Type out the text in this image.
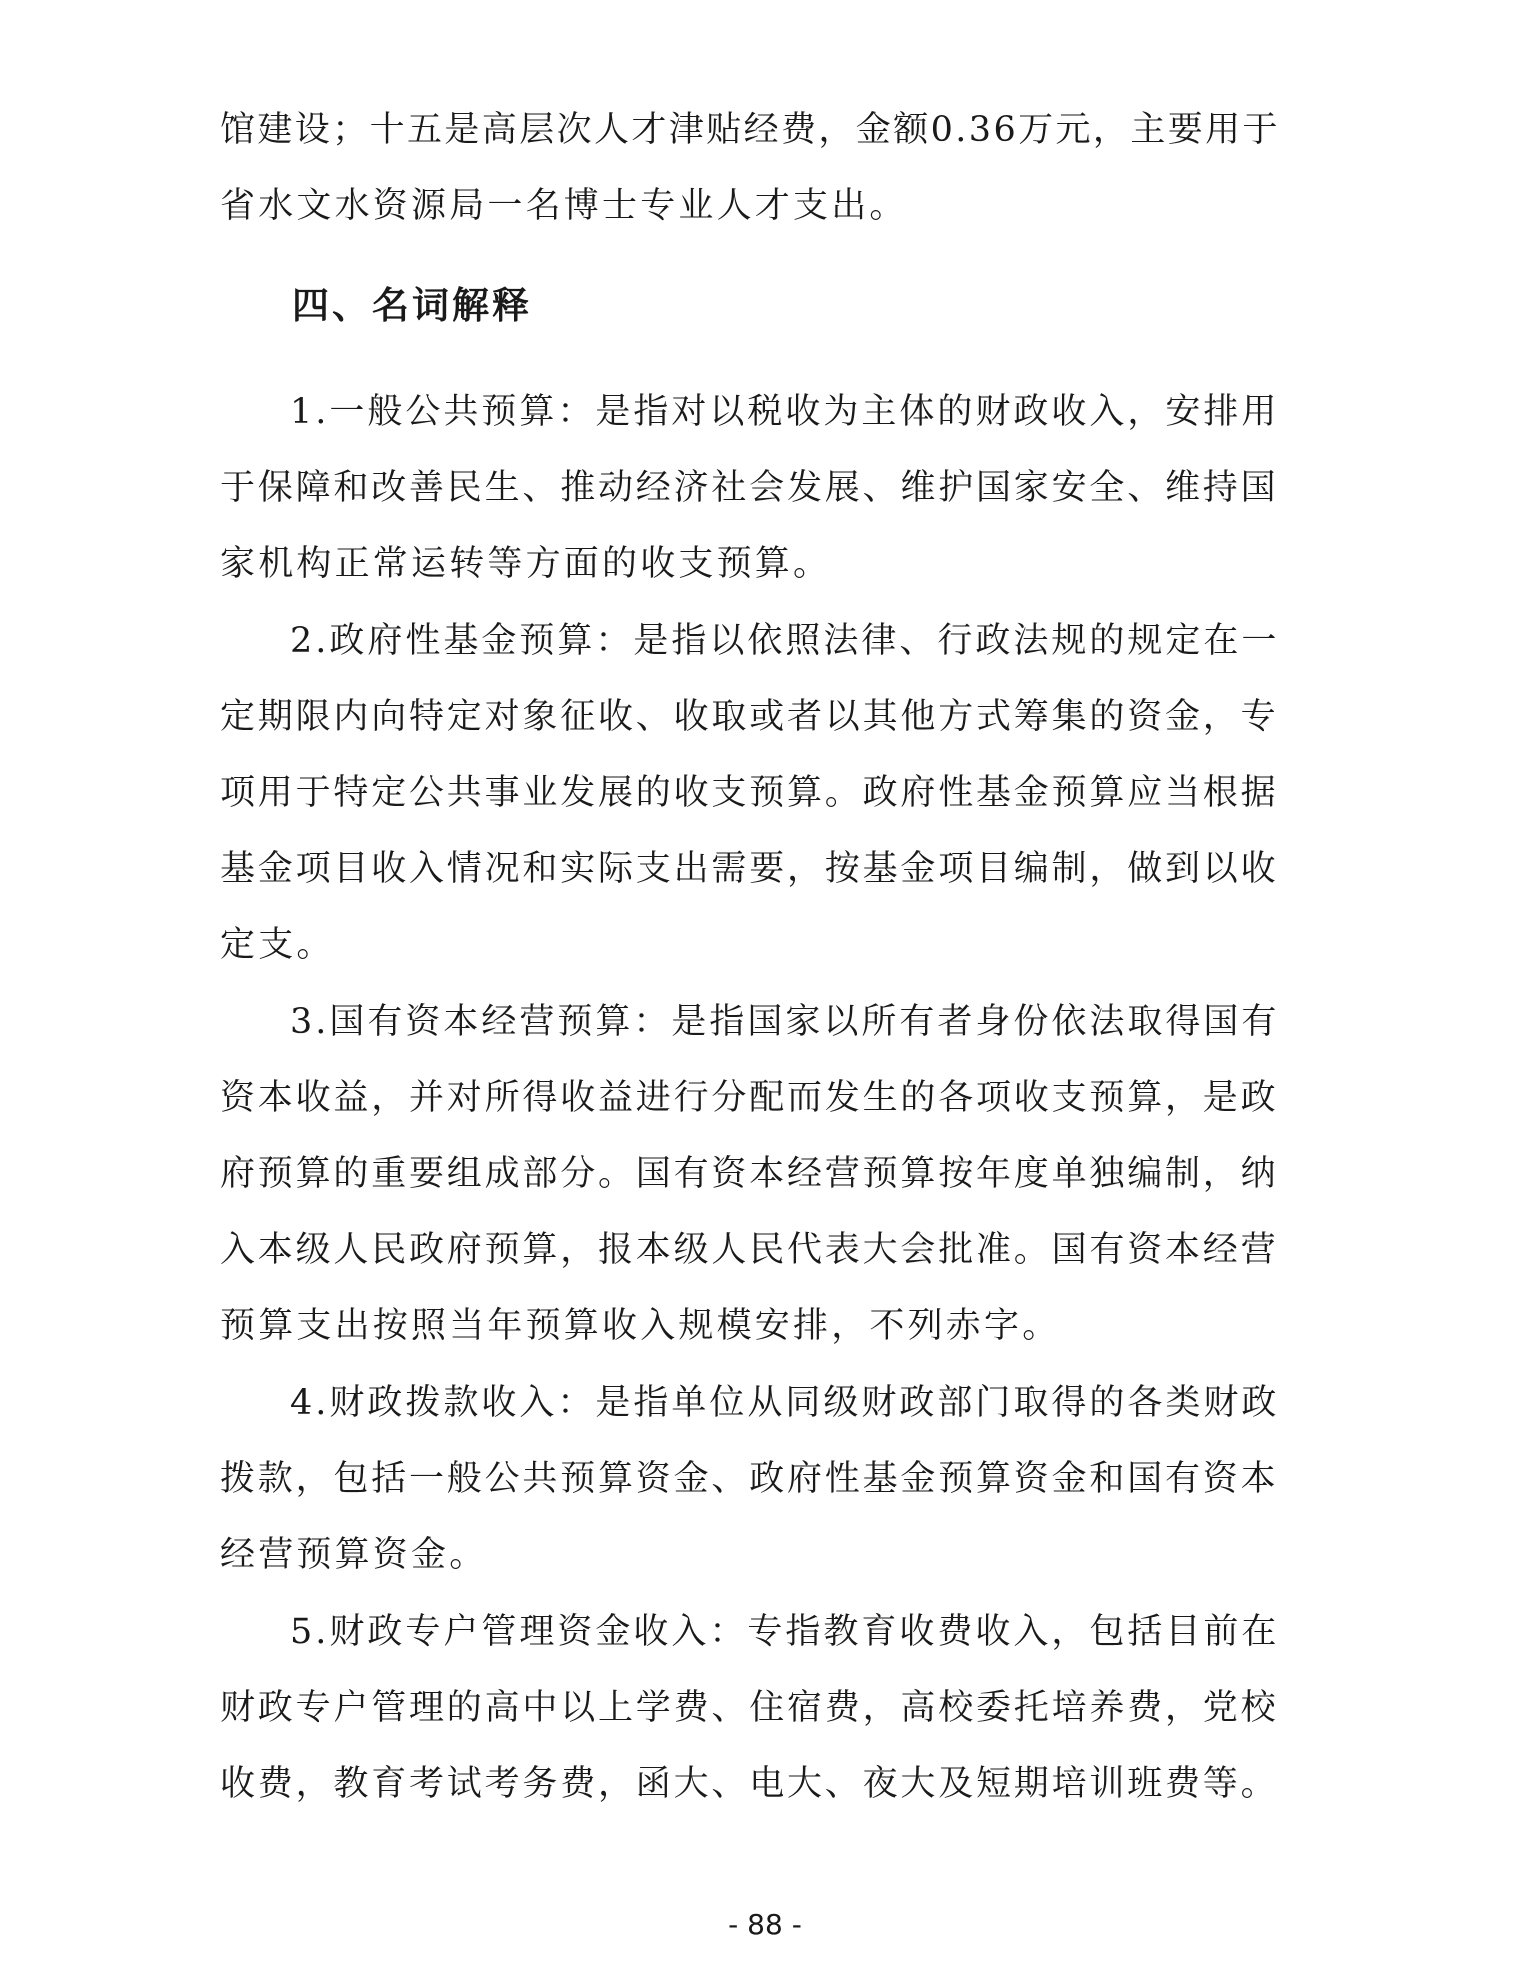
馆建设；十五是高层次人才津贴经费，金额0.36万元，主要用于
省水文水资源局一名博士专业人才支出。
四、名词解释
1.一般公共预算：是指对以税收为主体的财政收入，安排用
于保障和改善民生、推动经济社会发展、维护国家安全、维持国
家机构正常运转等方面的收支预算。
2.政府性基金预算：是指以依照法律、行政法规的规定在一
定期限内向特定对象征收、收取或者以其他方式筹集的资金，专
项用于特定公共事业发展的收支预算。政府性基金预算应当根据
基金项目收入情况和实际支出需要，按基金项目编制，做到以收
定支。
3.国有资本经营预算：是指国家以所有者身份依法取得国有
资本收益，并对所得收益进行分配而发生的各项收支预算，是政
府预算的重要组成部分。国有资本经营预算按年度单独编制，纳
入本级人民政府预算，报本级人民代表大会批准。国有资本经营
预算支出按照当年预算收入规模安排，不列赤字。
4.财政拨款收入：是指单位从同级财政部门取得的各类财政
拨款，包括一般公共预算资金、政府性基金预算资金和国有资本
经营预算资金。
5.财政专户管理资金收入：专指教育收费收入，包括目前在
财政专户管理的高中以上学费、住宿费，高校委托培养费，党校
收费，教育考试考务费，函大、电大、夜大及短期培训班费等。
- 88 -
